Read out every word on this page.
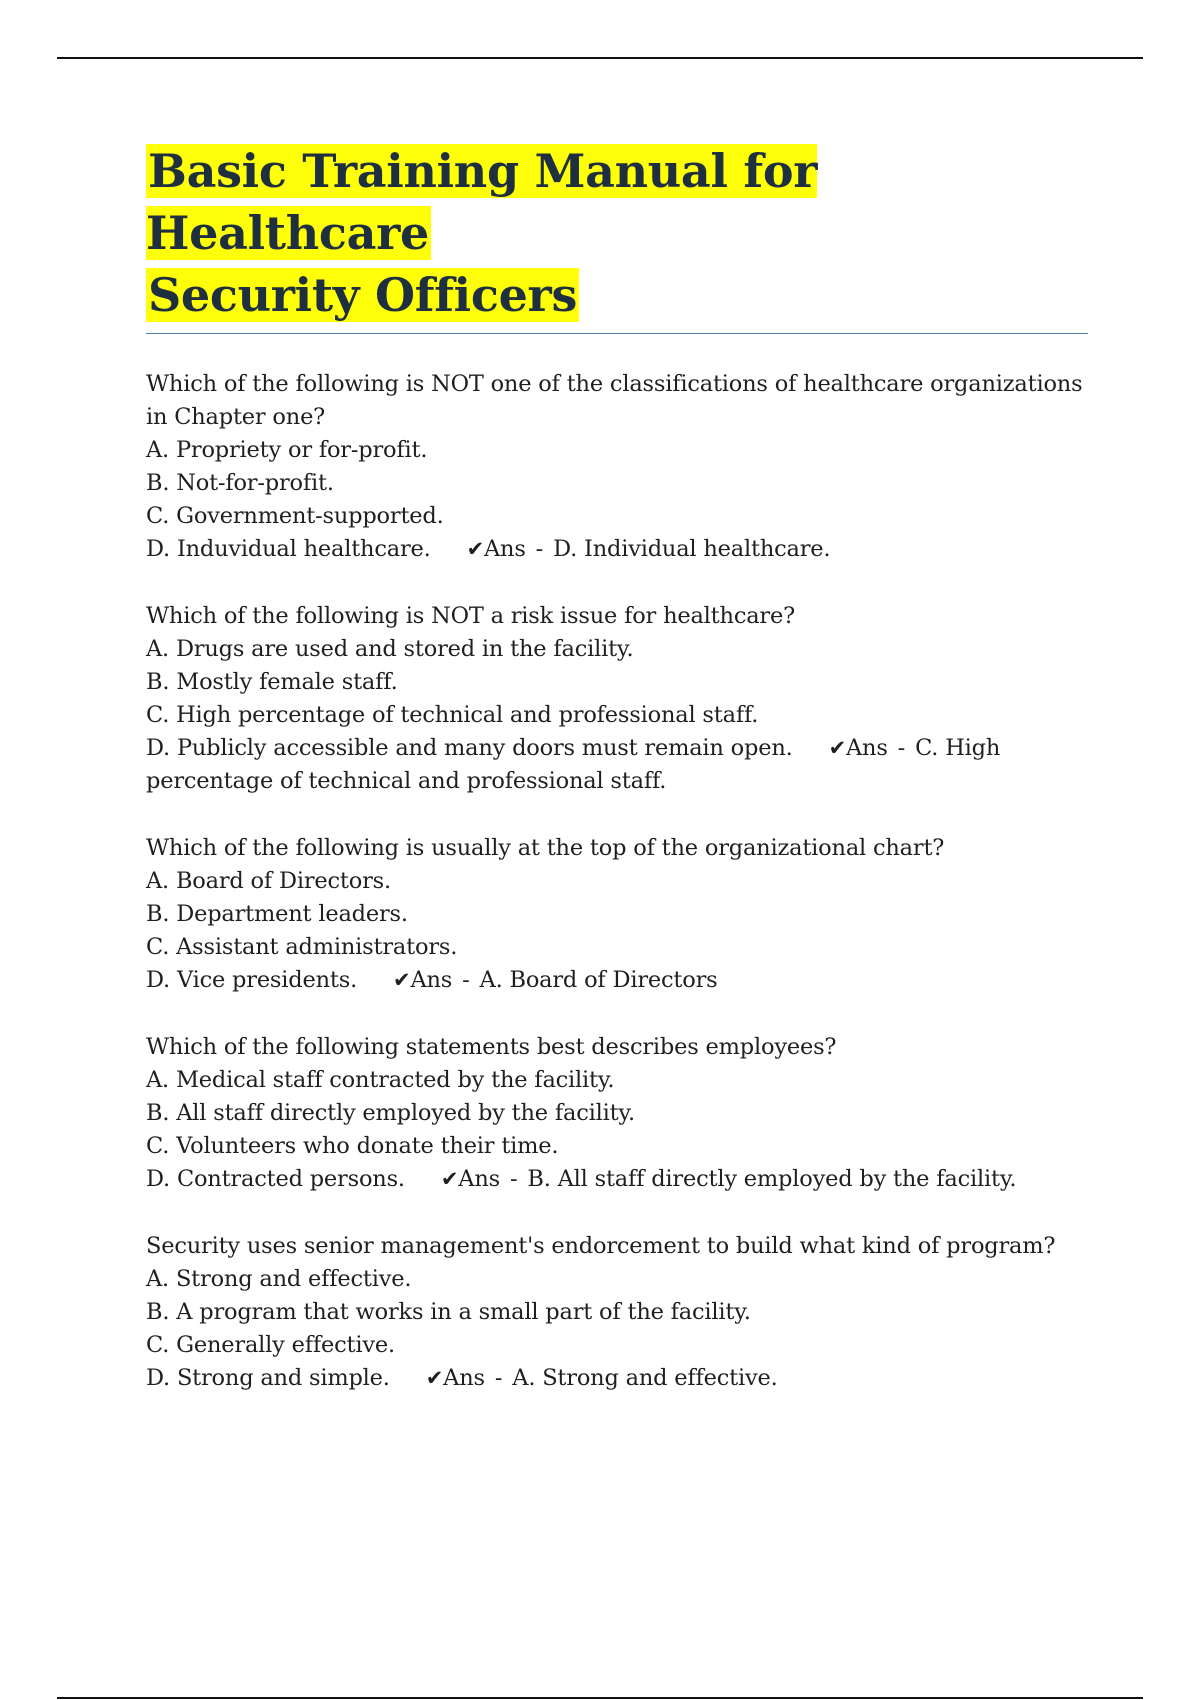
Basic Training Manual for Healthcare
Security Officers

Which of the following is NOT one of the classifications of healthcare organizations in Chapter one?

A. Propriety or for-profit.

B. Not-for-profit.

C. Government-supported.

D. Induvidual healthcare. ✔Ans - D. Individual healthcare.

Which of the following is NOT a risk issue for healthcare?

A. Drugs are used and stored in the facility.

B. Mostly female staff.

C. High percentage of technical and professional staff.

D. Publicly accessible and many doors must remain open. ✔Ans - C. High percentage of technical and professional staff.

Which of the following is usually at the top of the organizational chart?

A. Board of Directors.

B. Department leaders.

C. Assistant administrators.

D. Vice presidents. ✔Ans - A. Board of Directors

Which of the following statements best describes employees?

A. Medical staff contracted by the facility.

B. All staff directly employed by the facility.

C. Volunteers who donate their time.

D. Contracted persons. ✔Ans - B. All staff directly employed by the facility.

Security uses senior management's endorcement to build what kind of program?

A. Strong and effective.

B. A program that works in a small part of the facility.

C. Generally effective.

D. Strong and simple. ✔Ans - A. Strong and effective.
